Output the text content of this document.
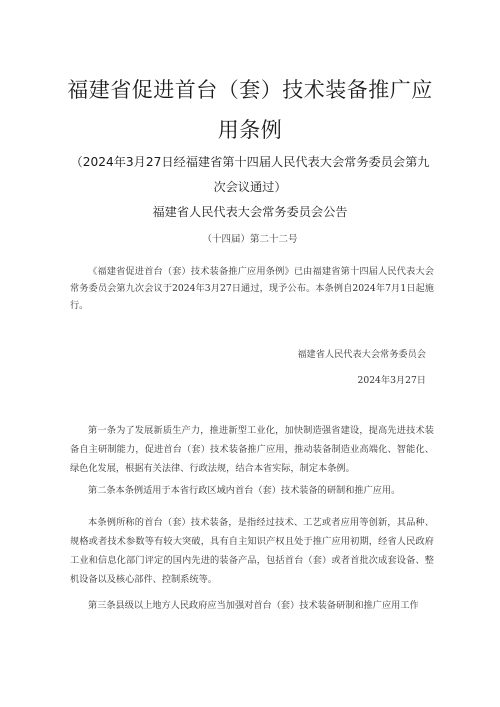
福建省促进首台（套）技术装备推广应用条例
（2024年3月27日经福建省第十四届人民代表大会常务委员会第九次会议通过）
福建省人民代表大会常务委员会公告
（十四届）第二十二号
《福建省促进首台（套）技术装备推广应用条例》已由福建省第十四届人民代表大会常务委员会第九次会议于2024年3月27日通过，现予公布。本条例自2024年7月1日起施行。
福建省人民代表大会常务委员会
2024年3月27日
第一条为了发展新质生产力，推进新型工业化，加快制造强省建设，提高先进技术装备自主研制能力，促进首台（套）技术装备推广应用，推动装备制造业高端化、智能化、绿色化发展，根据有关法律、行政法规，结合本省实际，制定本条例。
第二条本条例适用于本省行政区域内首台（套）技术装备的研制和推广应用。
本条例所称的首台（套）技术装备，是指经过技术、工艺或者应用等创新，其品种、规格或者技术参数等有较大突破，具有自主知识产权且处于推广应用初期，经省人民政府工业和信息化部门评定的国内先进的装备产品，包括首台（套）或者首批次成套设备、整机设备以及核心部件、控制系统等。
第三条县级以上地方人民政府应当加强对首台（套）技术装备研制和推广应用工作
